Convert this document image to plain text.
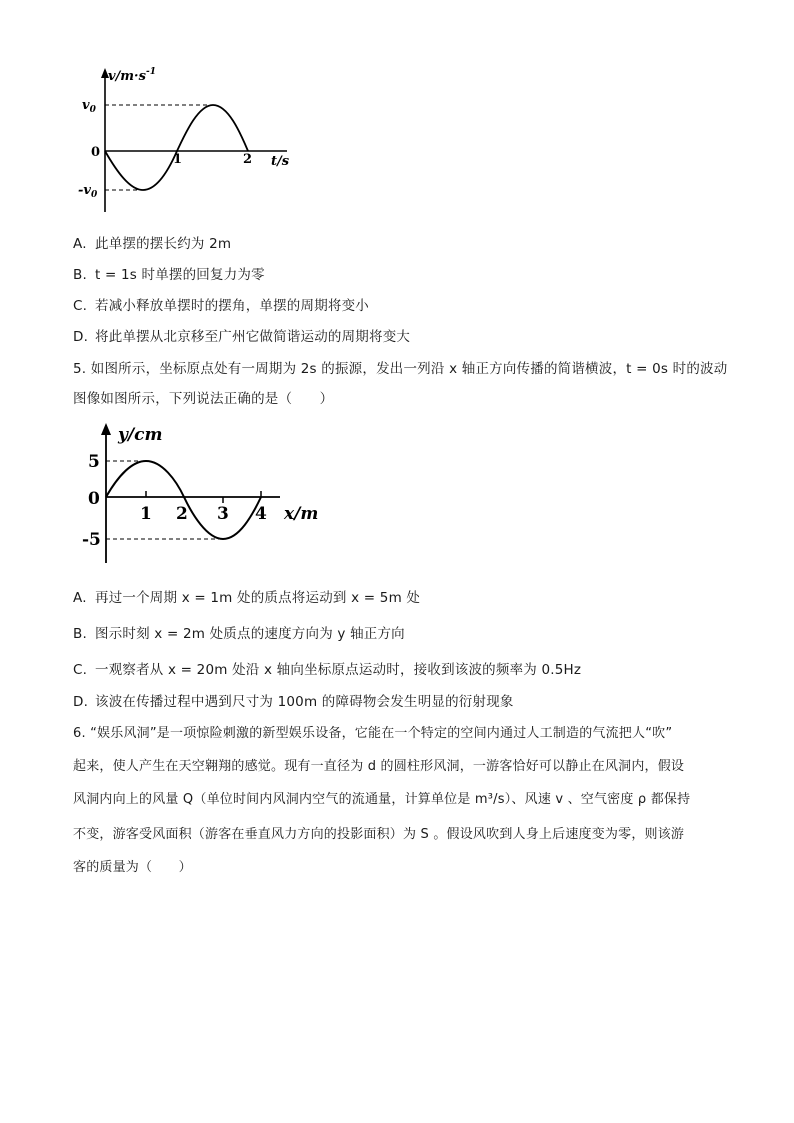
v/m·s -1
$v_0$
0
$-v_0$
1	2 t/s
A. 此单摆的摆长约为 2m
B. t = 1s 时单摆的回复力为零
C. 若减小释放单摆时的摆角，单摆的周期将变小
D. 将此单摆从北京移至广州它做简谐运动的周期将变大
5. 如图所示，坐标原点处有一周期为 2s 的振源，发出一列沿 x 轴正方向传播的简谐横波，t = 0s 时的波动
图像如图所示，下列说法正确的是（　　）
y/cm
5
0
-5
1 2 3 4 x/m
A. 再过一个周期 x = 1m 处的质点将运动到 x = 5m 处
B. 图示时刻 x = 2m 处质点的速度方向为 y 轴正方向
C. 一观察者从 x = 20m 处沿 x 轴向坐标原点运动时，接收到该波的频率为 0.5Hz
D. 该波在传播过程中遇到尺寸为 100m 的障碍物会发生明显的衍射现象
6. “娱乐风洞”是一项惊险刺激的新型娱乐设备，它能在一个特定的空间内通过人工制造的气流把人“吹”
起来，使人产生在天空翱翔的感觉。现有一直径为 d 的圆柱形风洞，一游客恰好可以静止在风洞内，假设
风洞内向上的风量 Q（单位时间内风洞内空气的流通量，计算单位是 m³/s）、风速 v 、空气密度 ρ 都保持
不变，游客受风面积（游客在垂直风力方向的投影面积）为 S 。假设风吹到人身上后速度变为零，则该游
客的质量为（　　）
